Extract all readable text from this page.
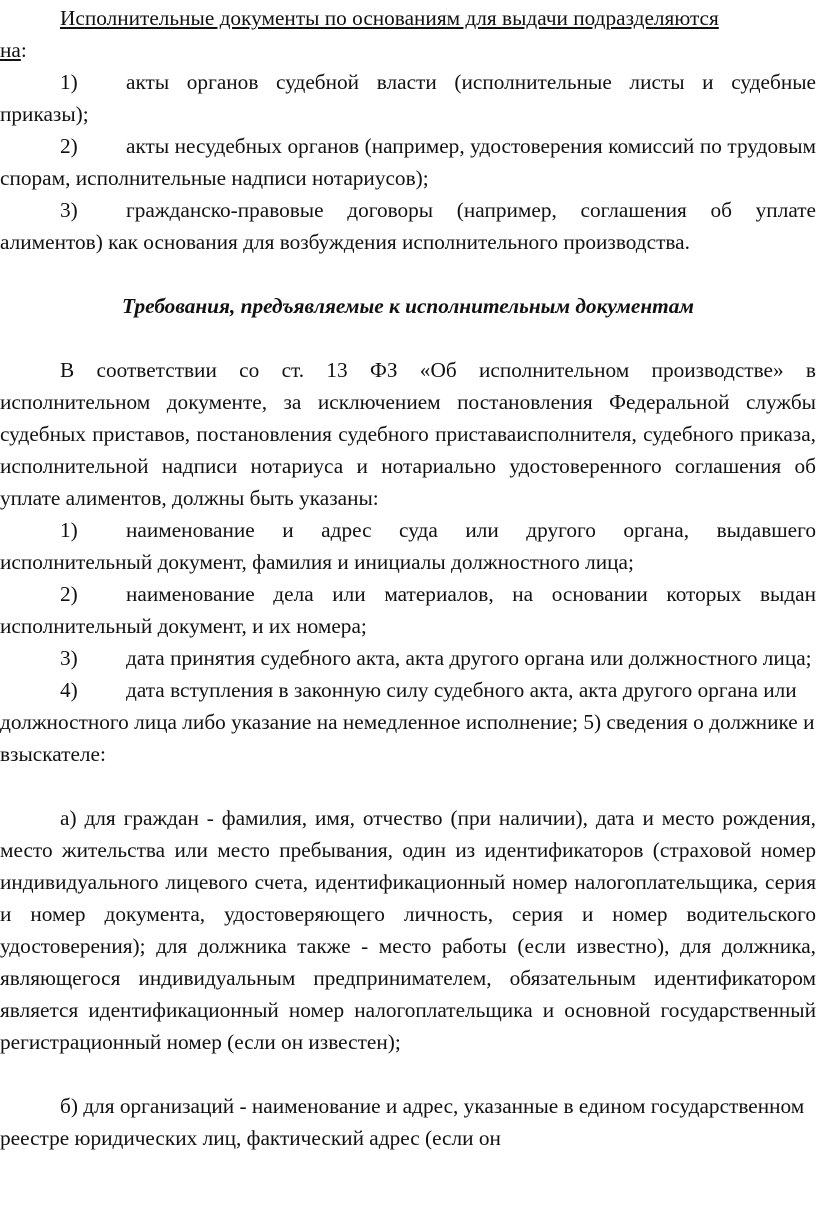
Исполнительные документы по основаниям для выдачи подразделяются
на:

1) акты органов судебной власти (исполнительные листы и судебные приказы);

2) акты несудебных органов (например, удостоверения комиссий по трудовым спорам, исполнительные надписи нотариусов);

3) гражданско-правовые договоры (например, соглашения об уплате алиментов) как основания для возбуждения исполнительного производства.

Требования, предъявляемые к исполнительным документам

В соответствии со ст. 13 ФЗ «Об исполнительном производстве» в исполнительном документе, за исключением постановления Федеральной службы судебных приставов, постановления судебного приставаисполнителя, судебного приказа, исполнительной надписи нотариуса и нотариально удостоверенного соглашения об уплате алиментов, должны быть указаны:

1) наименование и адрес суда или другого органа, выдавшего исполнительный документ, фамилия и инициалы должностного лица;

2) наименование дела или материалов, на основании которых выдан исполнительный документ, и их номера;

3) дата принятия судебного акта, акта другого органа или должностного лица;

4) дата вступления в законную силу судебного акта, акта другого органа или должностного лица либо указание на немедленное исполнение; 5) сведения о должнике и взыскателе:

а) для граждан - фамилия, имя, отчество (при наличии), дата и место рождения, место жительства или место пребывания, один из идентификаторов (страховой номер индивидуального лицевого счета, идентификационный номер налогоплательщика, серия и номер документа, удостоверяющего личность, серия и номер водительского удостоверения); для должника также - место работы (если известно), для должника, являющегося индивидуальным предпринимателем, обязательным идентификатором является идентификационный номер налогоплательщика и основной государственный регистрационный номер (если он известен);

б) для организаций - наименование и адрес, указанные в едином государственном реестре юридических лиц, фактический адрес (если он
